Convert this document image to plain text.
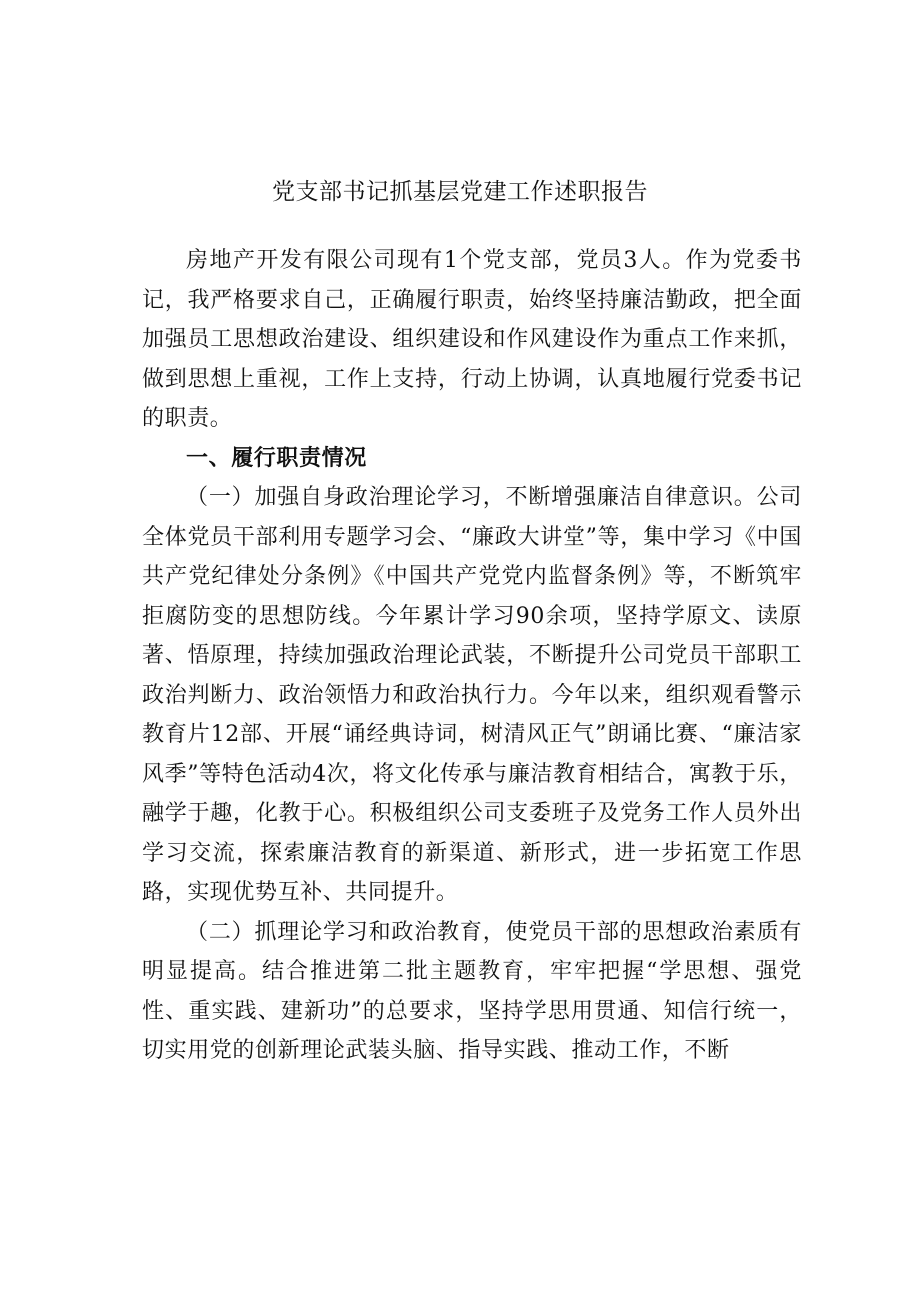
党支部书记抓基层党建工作述职报告

房地产开发有限公司现有1个党支部，党员3人。作为党委书记，我严格要求自己，正确履行职责，始终坚持廉洁勤政，把全面加强员工思想政治建设、组织建设和作风建设作为重点工作来抓，做到思想上重视，工作上支持，行动上协调，认真地履行党委书记的职责。

一、履行职责情况

（一）加强自身政治理论学习，不断增强廉洁自律意识。公司全体党员干部利用专题学习会、“廉政大讲堂”等，集中学习《中国共产党纪律处分条例》《中国共产党党内监督条例》等，不断筑牢拒腐防变的思想防线。今年累计学习90余项，坚持学原文、读原著、悟原理，持续加强政治理论武装，不断提升公司党员干部职工政治判断力、政治领悟力和政治执行力。今年以来，组织观看警示教育片12部、开展“诵经典诗词，树清风正气”朗诵比赛、“廉洁家风季”等特色活动4次，将文化传承与廉洁教育相结合，寓教于乐，融学于趣，化教于心。积极组织公司支委班子及党务工作人员外出学习交流，探索廉洁教育的新渠道、新形式，进一步拓宽工作思路，实现优势互补、共同提升。

（二）抓理论学习和政治教育，使党员干部的思想政治素质有明显提高。结合推进第二批主题教育，牢牢把握“学思想、强党性、重实践、建新功”的总要求，坚持学思用贯通、知信行统一，切实用党的创新理论武装头脑、指导实践、推动工作，不断
